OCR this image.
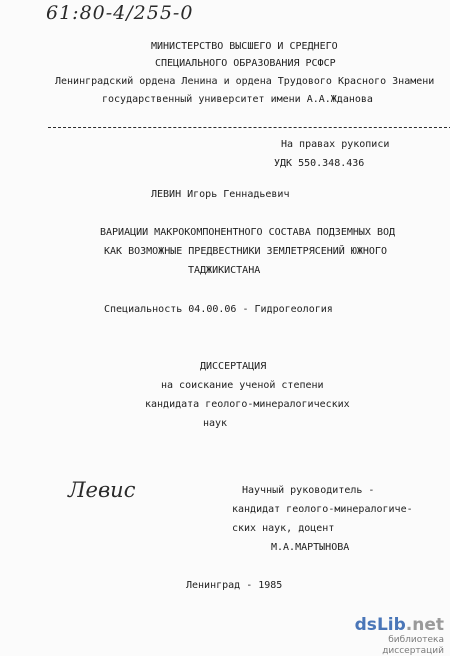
61:80-4/255-0
МИНИСТЕРСТВО ВЫСШЕГО И СРЕДНЕГО
СПЕЦИАЛЬНОГО ОБРАЗОВАНИЯ РСФСР
Ленинградский ордена Ленина и ордена Трудового Красного Знамени
государственный университет имени А.А.Жданова
На правах рукописи
УДК 550.348.436
ЛЕВИН Игорь Геннадьевич
ВАРИАЦИИ МАКРОКОМПОНЕНТНОГО СОСТАВА ПОДЗЕМНЫХ ВОД
КАК ВОЗМОЖНЫЕ ПРЕДВЕСТНИКИ ЗЕМЛЕТРЯСЕНИЙ ЮЖНОГО
ТАДЖИКИСТАНА
Специальность 04.00.06 - Гидрогеология
ДИССЕРТАЦИЯ
на соискание ученой степени
кандидата геолого-минералогических
наук
Левис	Научный руководитель -
кандидат геолого-минералогиче-
ских наук, доцент
М.А.МАРТЫНОВА
Ленинград - 1985
dsLib.net
библиотека диссертаций
